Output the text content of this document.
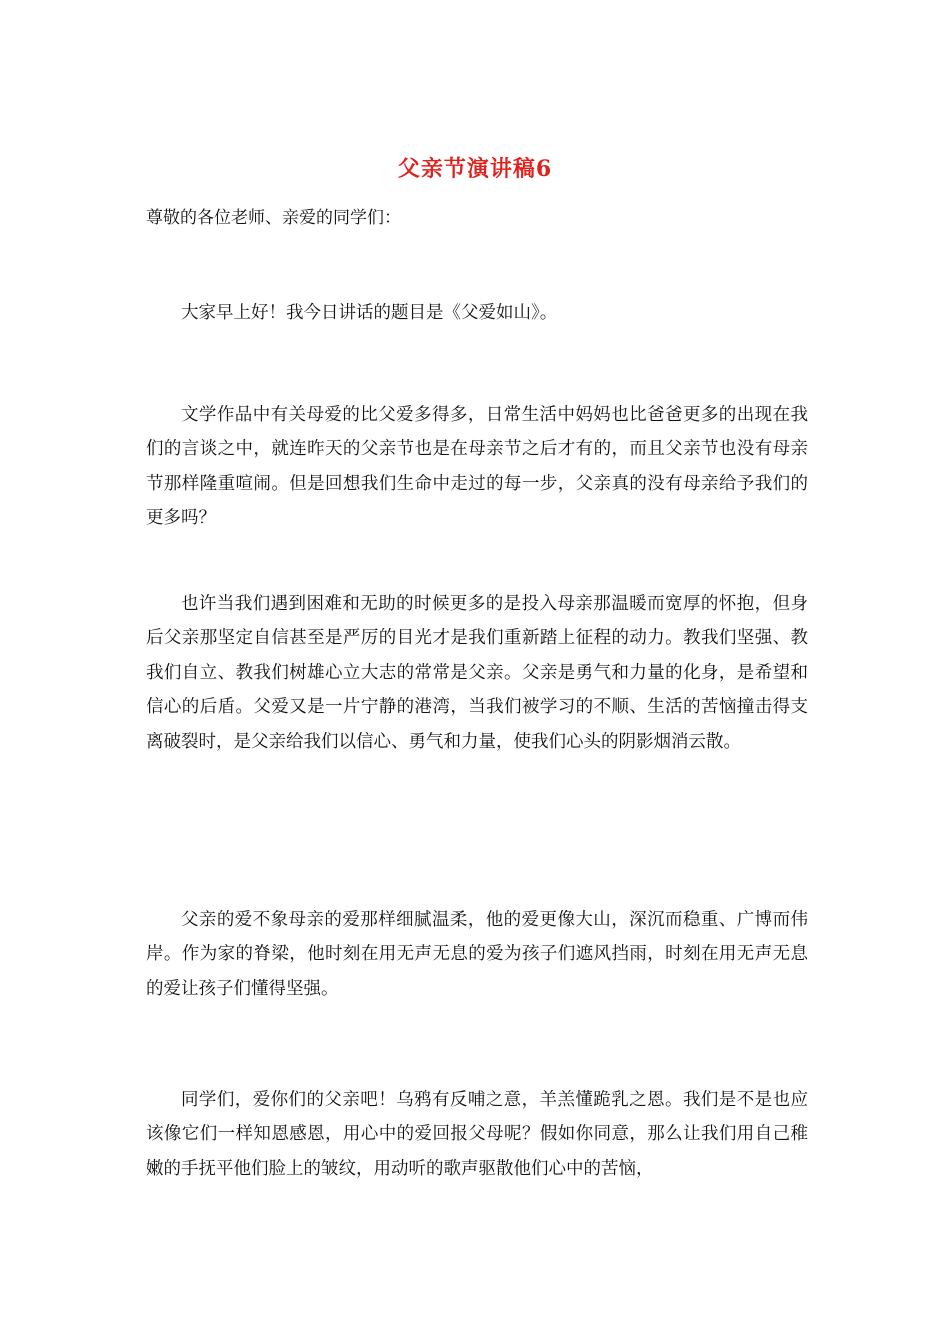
父亲节演讲稿6
尊敬的各位老师、亲爱的同学们：

大家早上好！我今日讲话的题目是《父爱如山》。

文学作品中有关母爱的比父爱多得多，日常生活中妈妈也比爸爸更多的出现在我们的言谈之中，就连昨天的父亲节也是在母亲节之后才有的，而且父亲节也没有母亲节那样隆重喧闹。但是回想我们生命中走过的每一步，父亲真的没有母亲给予我们的更多吗？

也许当我们遇到困难和无助的时候更多的是投入母亲那温暖而宽厚的怀抱，但身后父亲那坚定自信甚至是严厉的目光才是我们重新踏上征程的动力。教我们坚强、教我们自立、教我们树雄心立大志的常常是父亲。父亲是勇气和力量的化身，是希望和信心的后盾。父爱又是一片宁静的港湾，当我们被学习的不顺、生活的苦恼撞击得支离破裂时，是父亲给我们以信心、勇气和力量，使我们心头的阴影烟消云散。

父亲的爱不象母亲的爱那样细腻温柔，他的爱更像大山，深沉而稳重、广博而伟岸。作为家的脊梁，他时刻在用无声无息的爱为孩子们遮风挡雨，时刻在用无声无息的爱让孩子们懂得坚强。

同学们，爱你们的父亲吧！乌鸦有反哺之意，羊羔懂跪乳之恩。我们是不是也应该像它们一样知恩感恩，用心中的爱回报父母呢？假如你同意，那么让我们用自己稚嫩的手抚平他们脸上的皱纹，用动听的歌声驱散他们心中的苦恼，
